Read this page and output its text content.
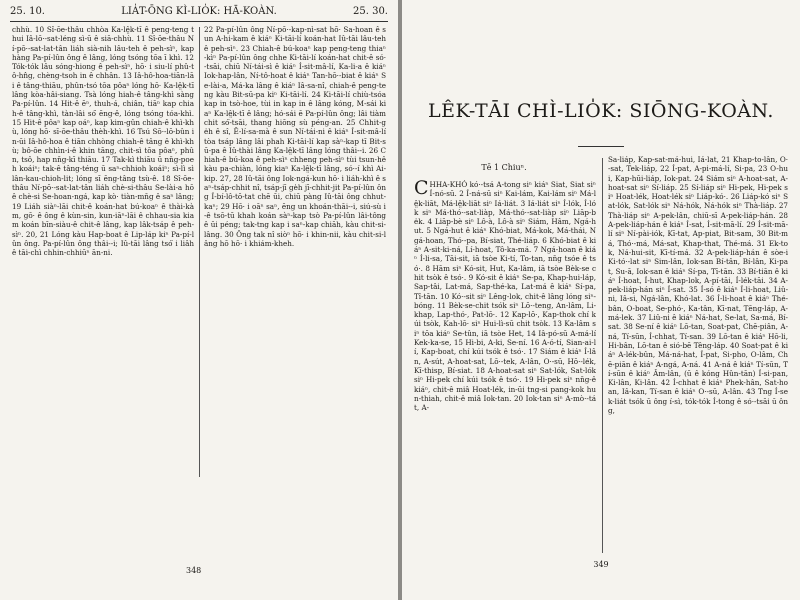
25. 10.	LIA̍T-ŌNG KÌ-LIO̍K: HĀ-KOÀN.	25. 30.

chhù. 10 Sî-ōe-thâu chhòa Ka-lê̤k-tī ê peng-teng thui Iâ-lō·-sat-léng sì-ū ê siā-chhù. 11 Sî-ōe-thâu Ní-pō·-sat-lat-tân liáh sià-nih lâu-teh ê peh-sìⁿ, kap hàng Pa-pí-lûn ông ê lâng, lóng tsóng tōa ī khì. 12 Tók-tók lâu sóng-hiong ê peh-sìⁿ, hō· i siu-lí phû-tô-hn̂g, chèng-tsoh in ê chhân. 13 Iâ-hô-hoa-tiān-lāi ê tâng-thiāu, phûn-tsó tōa pôaⁿ lóng hō· Ka-lê̤k-tī lâng kòa-hâi-siang. Tsà lóng hiah-ê tâng-khì sàng Pa-pí-lûn. 14 Hit-ê ēⁿ, thuh-á, chiân, tiāⁿ kap chiah-ê tâng-khì, tàn-lâi só͘ ēng-ê, lóng tsóng tóa-khì. 15 Hit-ê pôaⁿ kap oáⁿ, kap kim-gûn chiah-ê khì-khù, lóng hō· sī-ōe-thâu thèh-khì. 16 Tsú Sō·-lō-bûn in-ūi Iâ-hô-hoa ê tiān chhòng chiah-ê tâng ê khì-khù; bô-ōe chhìn-i-ê khin tāng, chit-sì tōa pôaⁿ, phûn, tsô, hap nn̄g-kī thiāu. 17 Tak-kì thiāu ū nn̄g-poeh koáiⁿ; tak-ê tâng-téng ū saⁿ-chhioh koáiⁿ; sì-lì sì lân-kau-chioh-lit; lóng sī ēng-tâng tsù-ê. 18 Sî-ōe-thâu Ní-pō·-sat-lat-tân liáh chè-si-thâu Se-lài-a hō ê chè-si Se-hoan-ngá, kap kò· tiàn-mn̄g ê saⁿ lâng; 19 Liáh siàⁿ-lāi chit-ê koán-hat bú-koaⁿ ê thài-kàm, gō· ê ông ê kùn-sin, kun-iāⁿ-lāi ê chhau-sia kiam koán bīn-siàu-ê chit-ê lâng, kap lâk-tsáp ê peh-sìⁿ. 20, 21 Lóng kàu Hap-boat ê Lip-láp kiⁿ Pa-pí-lûn ông. Pa-pí-lûn ông thâi--i; Iû-tāi lâng tsó͘ i liâh ê tāi-chì chhin-chhiūⁿ ān-ni.

22 Pa-pí-lûn ông Ní-pō·-kap-nì-sat hō· Sa-hoan ê sun A-hi-kam ê kiáⁿ Ki-tāi-lí koán-hat Iû-tāi lâu-teh ê peh-sìⁿ. 23 Chiah-ê bú-koaⁿ kap peng-teng thiaⁿ-kìⁿ Pa-pí-lûn ông chhe Ki-tāi-lí koán-hat chit-ê só·-tsāi, chiū Ní-tái-sì ê kiáⁿ Í-sit-mâ-lí, Ka-li-a ê kiáⁿ Iok-hap-lân, Ní-tô-hoat ê kiáⁿ Tan-hō·-biat ê kiáⁿ Se-lài-a, Má-ka lâng ê kiáⁿ Iâ-sa-nî, chiah-ê peng-teng kàu Bit-sū-pa kiⁿ Ki-tāi-lí. 24 Ki-tāi-lí chiù-tsóa kap in tsò-hoe, tùi in kap in ê lâng kóng, M-sái kiaⁿ Ka-lê̤k-tī ê lâng; hó-sái ē Pa-pí-lûn ông; lâi tiàm chit só͘-tsāi, thang hiōng sù péng-an. 25 Chhit-ge̍h ê sî, Ê-lí-sa-mà ê sun Ní-tái-ni ê kiáⁿ Í-sit-mâ-lí tòa tsáp lâng lâi phah Ki-tāi-lí kap sàⁿ-kap tī Bit-sū-pa ê Iû-thài lâng Ka-lê̤k-tī lâng lóng thâi--i. 26 Chiah-ê bú-koa ê peh-sìⁿ chheng peh-sìⁿ tùi tsun-hê kàu pa-chiàn, lóng kiaⁿ Ka-lê̤k-tī lâng, só·-í khì Ai-kip. 27, 28 Iû-tāi ông Iok-ngá-kun hō· i liáh-khì ê saⁿ-tsáp-chhit nî, tsáp-jī ge̍h jī-chhit-jit Pa-pí-lûn ông Í-bí-lô-tō-tat chē ūi, chiū pàng Iû-tāi ông chhut-kaⁿ; 29 Hō· i oāⁿ saⁿ, ēng un khoán-thāi--i, siú-sù i-ê tsō-tū khah koán sàⁿ-kap tsò Pa-pí-lûn lâi-tông ê ūi péng; tak-tng kap i saⁿ-kap chiāh, kàu chit-si-lâng. 30 Ông tak nî siòⁿ hō· i khin-nii, kàu chit-si-lâng hō hō· i khiám-kheh.

348
LÊK-TĀI CHÌ-LIO̍K: SIŌNG-KOÀN.
Tē 1 Chiuⁿ.

CHHA-KHÓ kó·-tsá A-tong siⁿ kiáⁿ Siat, Siat siⁿ Í-nó-sū. 2 Í-ná-sū siⁿ Kai-lám, Kai-lám siⁿ Má-lê̤k-liāt, Má-lê̤k-liāt siⁿ Iá-liát. 3 Iá-liát siⁿ Í-lók, Í-lók siⁿ Má-thó·-sat-liàp, Má-thó·-sat-liàp siⁿ Liāp-be̍k. 4 Liāp-bè siⁿ Lô-à, Lô-à siⁿ Siám, Hâm, Ngá-hut. 5 Ngá-hut ê kiáⁿ Khó-biat, Má-kok, Má-thái, Ngá-hoan, Thó·-pa, Bí-siat, Thé-liáp. 6 Khó-biat ê kiáⁿ A-sit-ki-ná, Lí-hoat, Tô-ka-má. 7 Ngá-hoan ê kiáⁿ Í-li-sa, Tāi-sit, iā tsòe Ki-tí, To-tan, nn̄g tsóe ê tsó·. 8 Hām siⁿ Kó-sit, Hut, Ka-lâm, iā tsòe Bèk-se chit tsòk ê tsó·. 9 Kó-sit ê kiáⁿ Se-pa, Khap-hui-láp, Sap-tâi, Lat-má, Sap-thé-ka, Lat-má ê kiáⁿ Sí-pa, Tî-tān. 10 Kó·-sit siⁿ Lêng-lok, chit-ê lâng lóng siⁿ-bóng. 11 Bèk-se-chit tsók siⁿ Lō·-teng, An-lâm, Li-khap, Lap-thó·, Pat-lō·. 12 Kap-lō·, Kap-thok chí kúi tsòk, Kah-lō· siⁿ Hui-lì-sū chit tsòk. 13 Ka-lâm siⁿ tōa kiáⁿ Se-tûn, iā tsòe Het, 14 Iâ-pó-sū A-má-lí Kek-ka-se, 15 Hi-bi, A-ki, Se-ní. 16 A-ó-tí, Sian-ai-lí, Kap-boat, chí kúi tsók ê tsó·. 17 Siám ê kiáⁿ Í-lân, A-sút, A-hoat-sat, Lō·-tek, A-lân, O·-sū, Hō·-lék, Kī-thisp, Bí-siat. 18 A-hoat-sat siⁿ Sat-lók, Sat-lók siⁿ Hi-pek chí kúi tsók ê tsó·. 19 Hi-pek siⁿ nn̄g-ê kiáⁿ, chit-ê miâ Hoat-lék, in-ūi tng-si pang-kok hun-thiah, chit-ê miâ Iok-tan. 20 Iok-tan siⁿ A-mò·-tát, A-

Sa-liáp, Kap-sat-má-hui, Iá-lat, 21 Khap-to-lân, O·-sat, Tek-liáp, 22 Í-pat, A-pi-má-lí, Si-pa, 23 O-hui, Kap-hūi-liáp, Iok-pat. 24 Siám siⁿ A-hoat-sat, A-hoat-sat siⁿ Sí-liáp. 25 Sí-liáp siⁿ Hi-pek, Hi-pek siⁿ Hoat-lék, Hoat-lék siⁿ Liáp-kó·. 26 Liáp-kó siⁿ Sat-lók, Sat-lók siⁿ Ná-hók, Ná-hók siⁿ Thà-liáp. 27 Thà-liáp siⁿ A-pek-lân, chiū-sī A-pek-liáp-hán. 28 A-pek-liáp-hán ê kiáⁿ Í-sat, Í-sit-mā-lí. 29 Í-sit-mā-lí siⁿ Ní-pài-iók, Kī-tat, Ap-piat, Bit-sam, 30 Bit-má, Thó·-má, Má-sat, Khap-that, Thé-má. 31 Ek-tok, Ná-hui-sit, Kī-tí-má. 32 A-pek-liáp-hán ê sòe-i Ki-tó·-lat siⁿ Sim-lân, Iok-san Bí-tân, Bí-lân, Ki-pat, Su-ā, Iok-san ê kiáⁿ Sí-pa, Tī-tān. 33 Bí-tiān ê kiáⁿ Í-hoat, Í-hut, Khap-lok, A-pí-tāi, Í-lék-tāi. 34 A-pek-liáp-hán siⁿ Í-sat. 35 Í-só ê kiáⁿ Í-li-hoat, Liû-ni, Iâ-si, Ngá-lân, Khó-lat. 36 Í-li-hoat ê kiáⁿ Thé-bân, O-boat, Se-phó·, Ka-tân, Kī-nat, Tēng-láp, A-má-lek. 37 Liû-ni ê kiáⁿ Ná-hat, Se-lat, Sa-má, Bí-sat. 38 Se-ní ê kiáⁿ Lō-tan, Soat-pat, Chē-piân, A-ná, Tí-sūn, Í-chhat, Tí-san. 39 Lō-tan ê kiáⁿ Hō-li, Hi-bân, Lō-tan ê sió-bē Têng-láp. 40 Soat-pat ê kiáⁿ A-lék-bûn, Má-ná-hat, Í-pat, Si-pho, O-lâm, Chē-piān ê kiáⁿ A-ngá, A-ná. 41 A-ná ê kiáⁿ Tí-sūn, Tí-sūn ê kiáⁿ Âm-lân, (ū ê kóng Hûn-tān) Í-si-pan, Ki-lân, Ki-lân. 42 Í-chhat ê kiáⁿ Phek-hân, Sat-hoan, Iâ-kan, Tí-san ê kiáⁿ O·-sū, A-lân. 43 Tng Í-sek-liát tsók ū ông í-sì, tók-tók Í-tong ê só·-tsāi ū ông,

349
